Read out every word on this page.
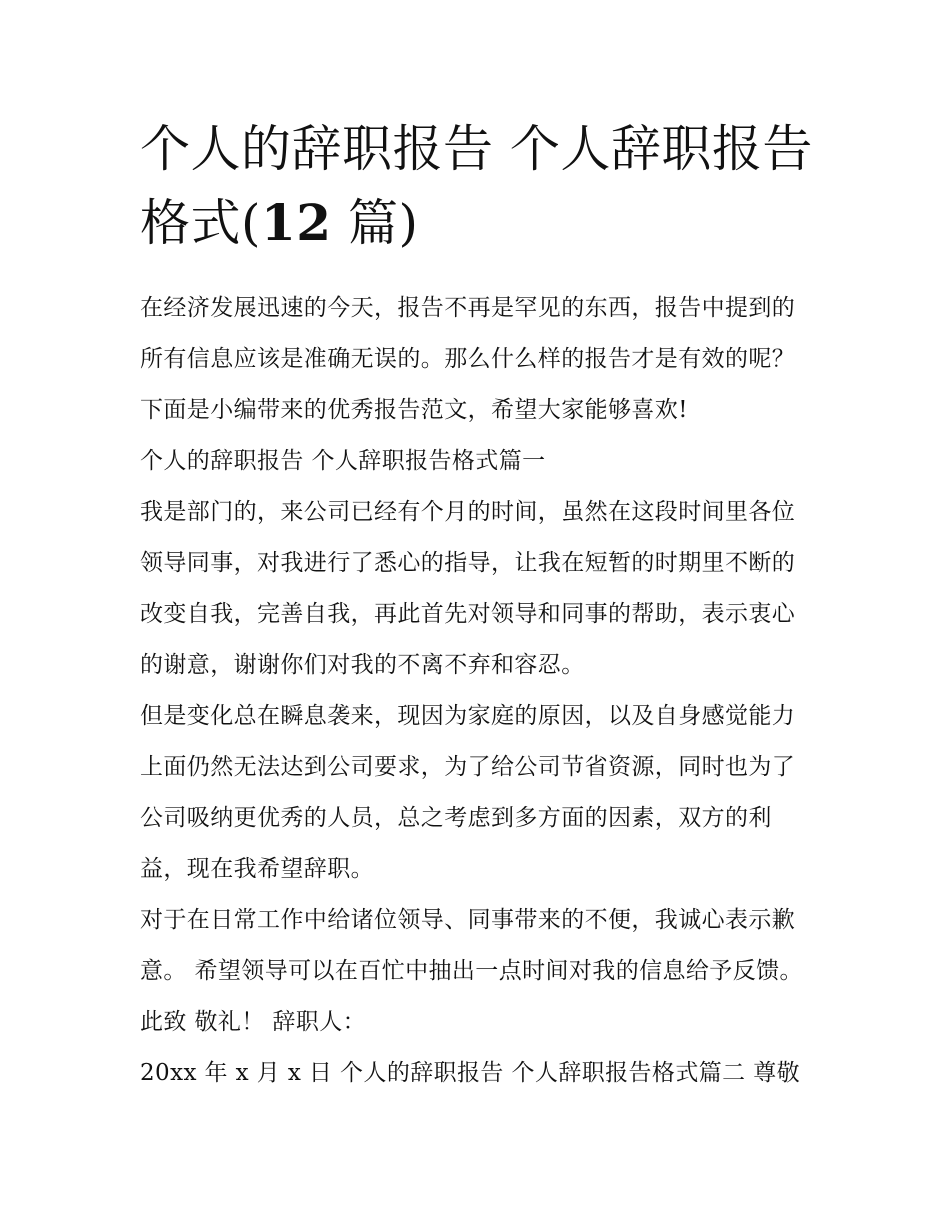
个人的辞职报告 个人辞职报告
格式(12 篇)

在经济发展迅速的今天，报告不再是罕见的东西，报告中提到的所有信息应该是准确无误的。那么什么样的报告才是有效的呢？下面是小编带来的优秀报告范文，希望大家能够喜欢!

个人的辞职报告 个人辞职报告格式篇一

我是部门的，来公司已经有个月的时间，虽然在这段时间里各位领导同事，对我进行了悉心的指导，让我在短暂的时期里不断的改变自我，完善自我，再此首先对领导和同事的帮助，表示衷心的谢意，谢谢你们对我的不离不弃和容忍。

但是变化总在瞬息袭来，现因为家庭的原因，以及自身感觉能力上面仍然无法达到公司要求，为了给公司节省资源，同时也为了公司吸纳更优秀的人员，总之考虑到多方面的因素，双方的利益，现在我希望辞职。

对于在日常工作中给诸位领导、同事带来的不便，我诚心表示歉意。 希望领导可以在百忙中抽出一点时间对我的信息给予反馈。 此致 敬礼！ 辞职人：

20xx 年 x 月 x 日 个人的辞职报告 个人辞职报告格式篇二 尊敬
